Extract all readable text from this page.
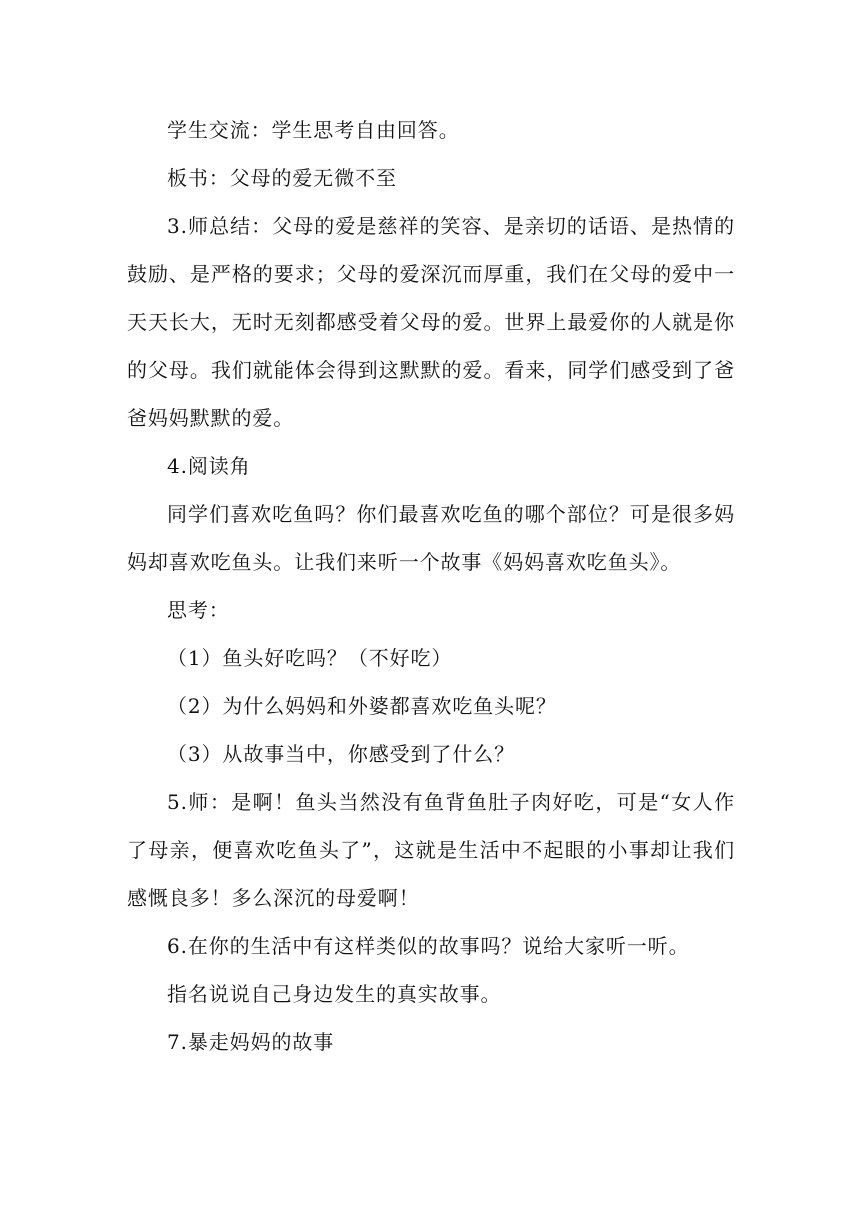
学生交流：学生思考自由回答。

板书：父母的爱无微不至

3.师总结：父母的爱是慈祥的笑容、是亲切的话语、是热情的鼓励、是严格的要求；父母的爱深沉而厚重，我们在父母的爱中一天天长大，无时无刻都感受着父母的爱。世界上最爱你的人就是你的父母。我们就能体会得到这默默的爱。看来，同学们感受到了爸爸妈妈默默的爱。

4.阅读角

同学们喜欢吃鱼吗？你们最喜欢吃鱼的哪个部位？可是很多妈妈却喜欢吃鱼头。让我们来听一个故事《妈妈喜欢吃鱼头》。

思考：

（1）鱼头好吃吗？（不好吃）

（2）为什么妈妈和外婆都喜欢吃鱼头呢？

（3）从故事当中，你感受到了什么？

5.师：是啊！鱼头当然没有鱼背鱼肚子肉好吃，可是“女人作了母亲，便喜欢吃鱼头了”，这就是生活中不起眼的小事却让我们感慨良多！多么深沉的母爱啊！

6.在你的生活中有这样类似的故事吗？说给大家听一听。

指名说说自己身边发生的真实故事。

7.暴走妈妈的故事
